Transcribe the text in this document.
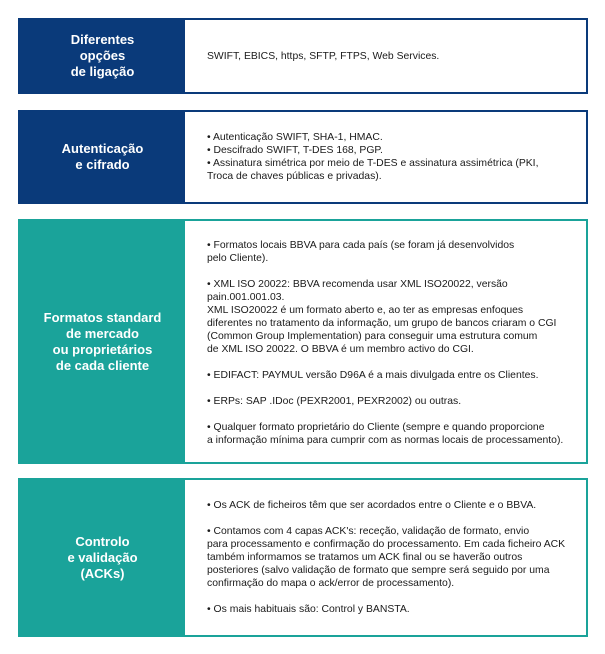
Diferentes
opções
de ligação
SWIFT, EBICS, https, SFTP, FTPS, Web Services.
Autenticação
e cifrado
• Autenticação SWIFT, SHA-1, HMAC.
• Descifrado SWIFT, T-DES 168, PGP.
• Assinatura simétrica por meio de T-DES e assinatura assimétrica (PKI,
Troca de chaves públicas e privadas).
Formatos standard
de mercado
ou proprietários
de cada cliente
• Formatos locais BBVA para cada país (se foram já desenvolvidos
pelo Cliente).
• XML ISO 20022: BBVA recomenda usar XML ISO20022, versão
pain.001.001.03.
XML ISO20022 é um formato aberto e, ao ter as empresas enfoques
diferentes no tratamento da informação, um grupo de bancos criaram o CGI
(Common Group Implementation) para conseguir uma estrutura comum
de XML ISO 20022. O BBVA é um membro activo do CGI.
• EDIFACT: PAYMUL versão D96A é a mais divulgada entre os Clientes.
• ERPs: SAP .IDoc (PEXR2001, PEXR2002) ou outras.
• Qualquer formato proprietário do Cliente (sempre e quando proporcione
a informação mínima para cumprir com as normas locais de processamento).
Controlo
e validação
(ACKs)
• Os ACK de ficheiros têm que ser acordados entre o Cliente e o BBVA.
• Contamos com 4 capas ACK's: receção, validação de formato, envio
para processamento e confirmação do processamento. Em cada ficheiro ACK
também informamos se tratamos um ACK final ou se haverão outros
posteriores (salvo validação de formato que sempre será seguido por uma
confirmação do mapa o ack/error de processamento).
• Os mais habituais são: Control y BANSTA.
